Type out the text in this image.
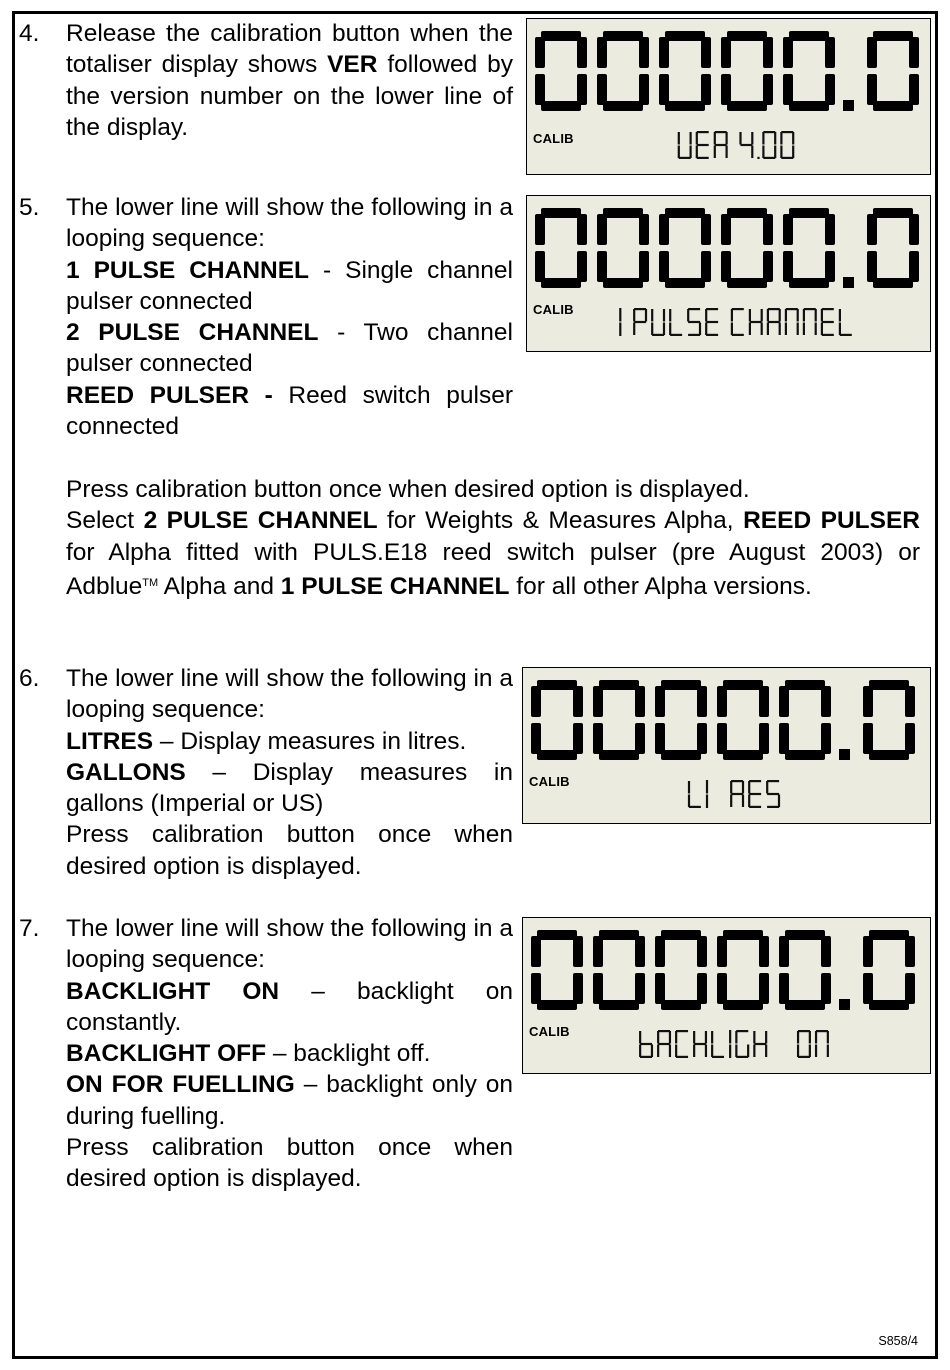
4. Release the calibration button when the totaliser display shows VER followed by the version number on the lower line of the display.

5. The lower line will show the following in a looping sequence:

1 PULSE CHANNEL - Single channel pulser connected

2 PULSE CHANNEL - Two channel pulser connected

REED PULSER - Reed switch pulser connected

Press calibration button once when desired option is displayed.

Select 2 PULSE CHANNEL for Weights & Measures Alpha, REED PULSER for Alpha fitted with PULS.E18 reed switch pulser (pre August 2003) or Adblue™ Alpha and 1 PULSE CHANNEL for all other Alpha versions.

6. The lower line will show the following in a looping sequence:

LITRES – Display measures in litres.

GALLONS – Display measures in gallons (Imperial or US)

Press calibration button once when desired option is displayed.

7. The lower line will show the following in a looping sequence:

BACKLIGHT ON – backlight on constantly.

BACKLIGHT OFF – backlight off.

ON FOR FUELLING – backlight only on during fuelling.

Press calibration button once when desired option is displayed.

CALIB
CALIB
CALIB
CALIB
S858/4
